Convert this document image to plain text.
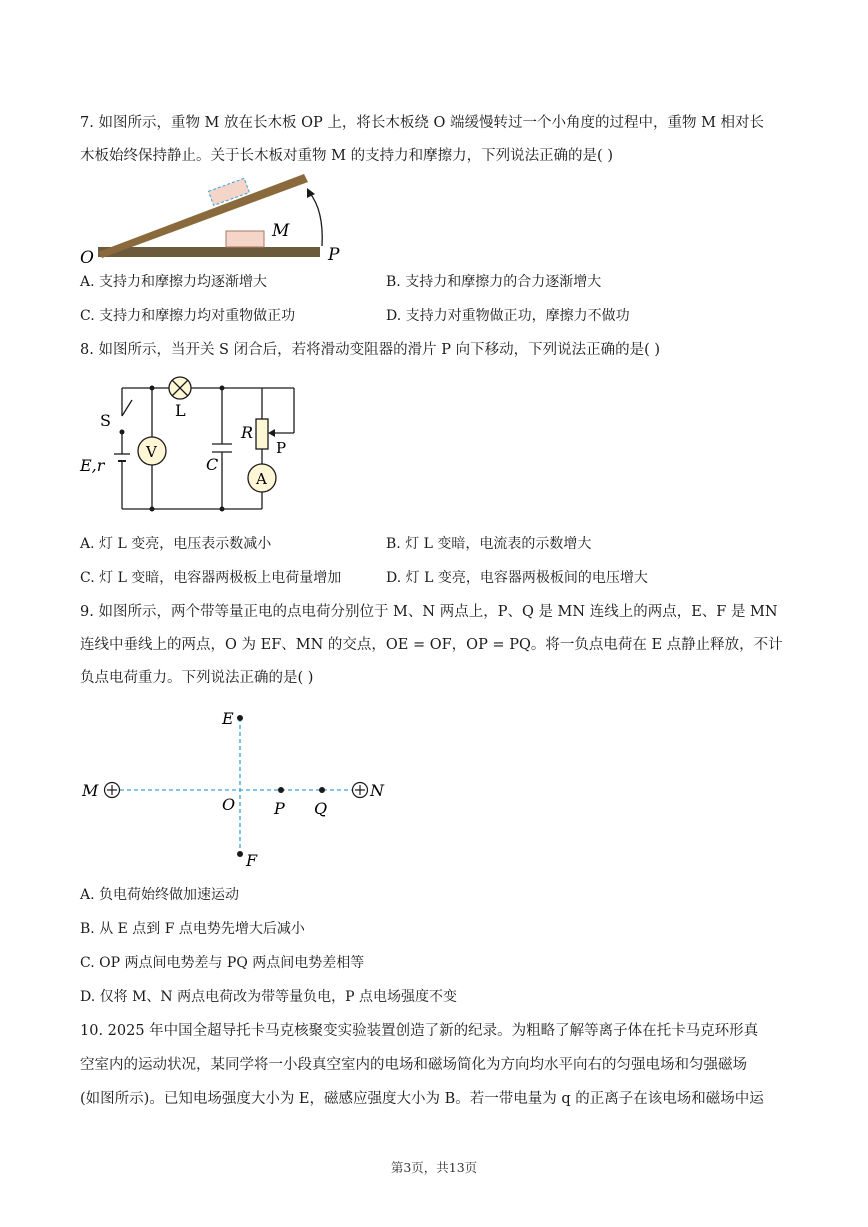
7. 如图所示，重物 M 放在长木板 OP 上，将长木板绕 O 端缓慢转过一个小角度的过程中，重物 M 相对长
木板始终保持静止。关于长木板对重物 M 的支持力和摩擦力，下列说法正确的是( )
O	P
M
A. 支持力和摩擦力均逐渐增大	B. 支持力和摩擦力的合力逐渐增大
C. 支持力和摩擦力均对重物做正功	D. 支持力对重物做正功，摩擦力不做功
8. 如图所示，当开关 S 闭合后，若将滑动变阻器的滑片 P 向下移动，下列说法正确的是( )
S
L
V
E,r	C
R
P
A
A. 灯 L 变亮，电压表示数减小	B. 灯 L 变暗，电流表的示数增大
C. 灯 L 变暗，电容器两极板上电荷量增加	D. 灯 L 变亮，电容器两极板间的电压增大
9. 如图所示，两个带等量正电的点电荷分别位于 M、N 两点上，P、Q 是 MN 连线上的两点，E、F 是 MN
连线中垂线上的两点，O 为 EF、MN 的交点，OE = OF，OP = PQ。将一负点电荷在 E 点静止释放，不计
负点电荷重力。下列说法正确的是( )
E
F
M	N
O P Q
A. 负电荷始终做加速运动
B. 从 E 点到 F 点电势先增大后减小
C. OP 两点间电势差与 PQ 两点间电势差相等
D. 仅将 M、N 两点电荷改为带等量负电，P 点电场强度不变
10. 2025 年中国全超导托卡马克核聚变实验装置创造了新的纪录。为粗略了解等离子体在托卡马克环形真
空室内的运动状况，某同学将一小段真空室内的电场和磁场简化为方向均水平向右的匀强电场和匀强磁场
(如图所示)。已知电场强度大小为 E，磁感应强度大小为 B。若一带电量为 q 的正离子在该电场和磁场中运
第3页，共13页
